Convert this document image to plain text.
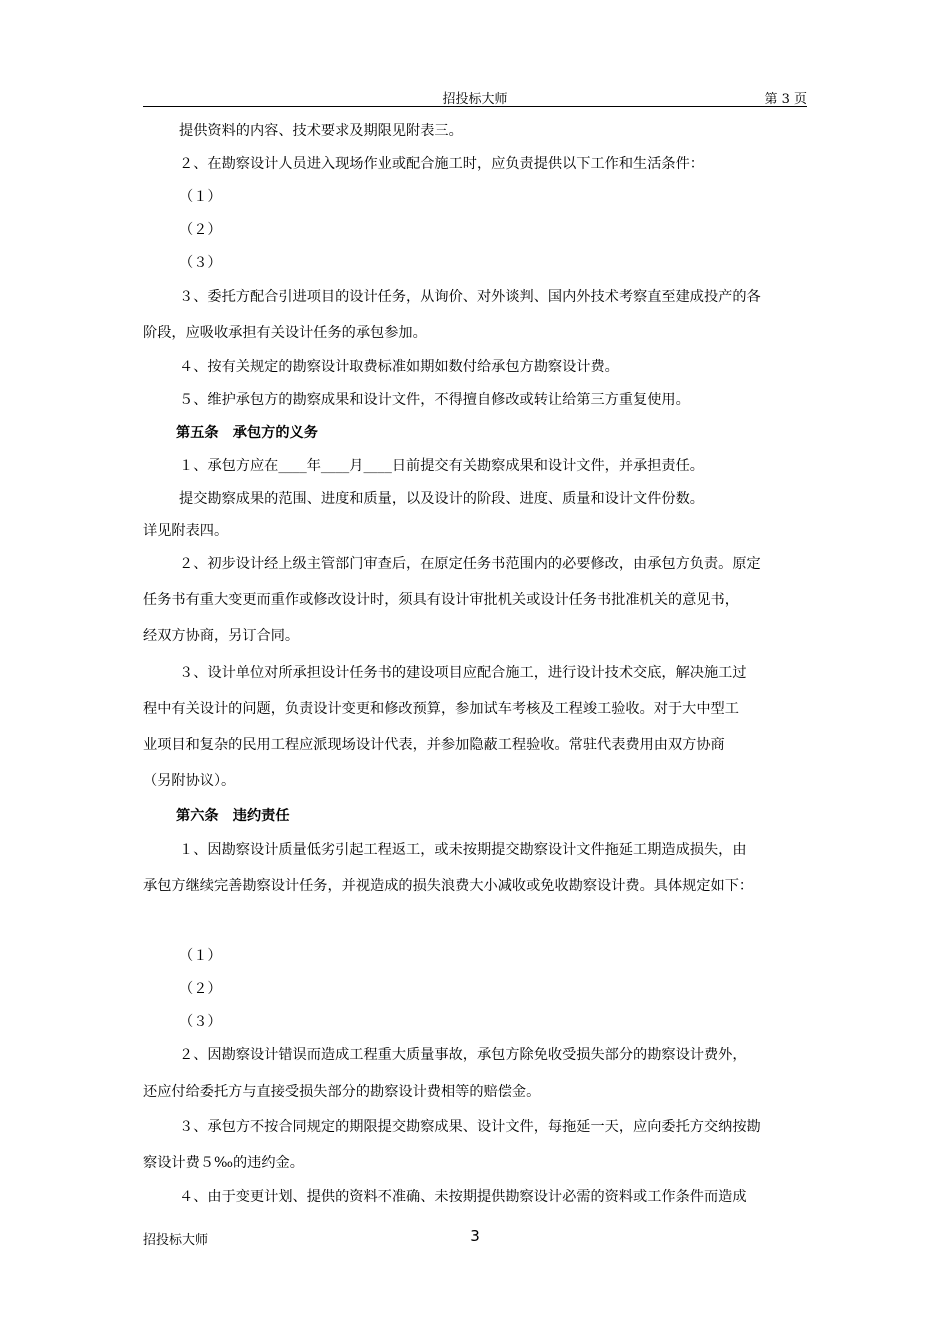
招投标大师	第 3 页
提供资料的内容、技术要求及期限见附表三。
２、在勘察设计人员进入现场作业或配合施工时，应负责提供以下工作和生活条件：
（１）
（２）
（３）
３、委托方配合引进项目的设计任务，从询价、对外谈判、国内外技术考察直至建成投产的各
阶段，应吸收承担有关设计任务的承包参加。
４、按有关规定的勘察设计取费标准如期如数付给承包方勘察设计费。
５、维护承包方的勘察成果和设计文件，不得擅自修改或转让给第三方重复使用。
第五条　承包方的义务
１、承包方应在____年____月____日前提交有关勘察成果和设计文件，并承担责任。
提交勘察成果的范围、进度和质量，以及设计的阶段、进度、质量和设计文件份数。
详见附表四。
２、初步设计经上级主管部门审查后，在原定任务书范围内的必要修改，由承包方负责。原定
任务书有重大变更而重作或修改设计时，须具有设计审批机关或设计任务书批准机关的意见书，
经双方协商，另订合同。
３、设计单位对所承担设计任务书的建设项目应配合施工，进行设计技术交底，解决施工过
程中有关设计的问题，负责设计变更和修改预算，参加试车考核及工程竣工验收。对于大中型工
业项目和复杂的民用工程应派现场设计代表，并参加隐蔽工程验收。常驻代表费用由双方协商
（另附协议）。
第六条　违约责任
１、因勘察设计质量低劣引起工程返工，或未按期提交勘察设计文件拖延工期造成损失，由
承包方继续完善勘察设计任务，并视造成的损失浪费大小减收或免收勘察设计费。具体规定如下：
（１）
（２）
（３）
２、因勘察设计错误而造成工程重大质量事故，承包方除免收受损失部分的勘察设计费外，
还应付给委托方与直接受损失部分的勘察设计费相等的赔偿金。
３、承包方不按合同规定的期限提交勘察成果、设计文件，每拖延一天，应向委托方交纳按勘
察设计费５‰的违约金。
４、由于变更计划、提供的资料不准确、未按期提供勘察设计必需的资料或工作条件而造成
招投标大师	3
